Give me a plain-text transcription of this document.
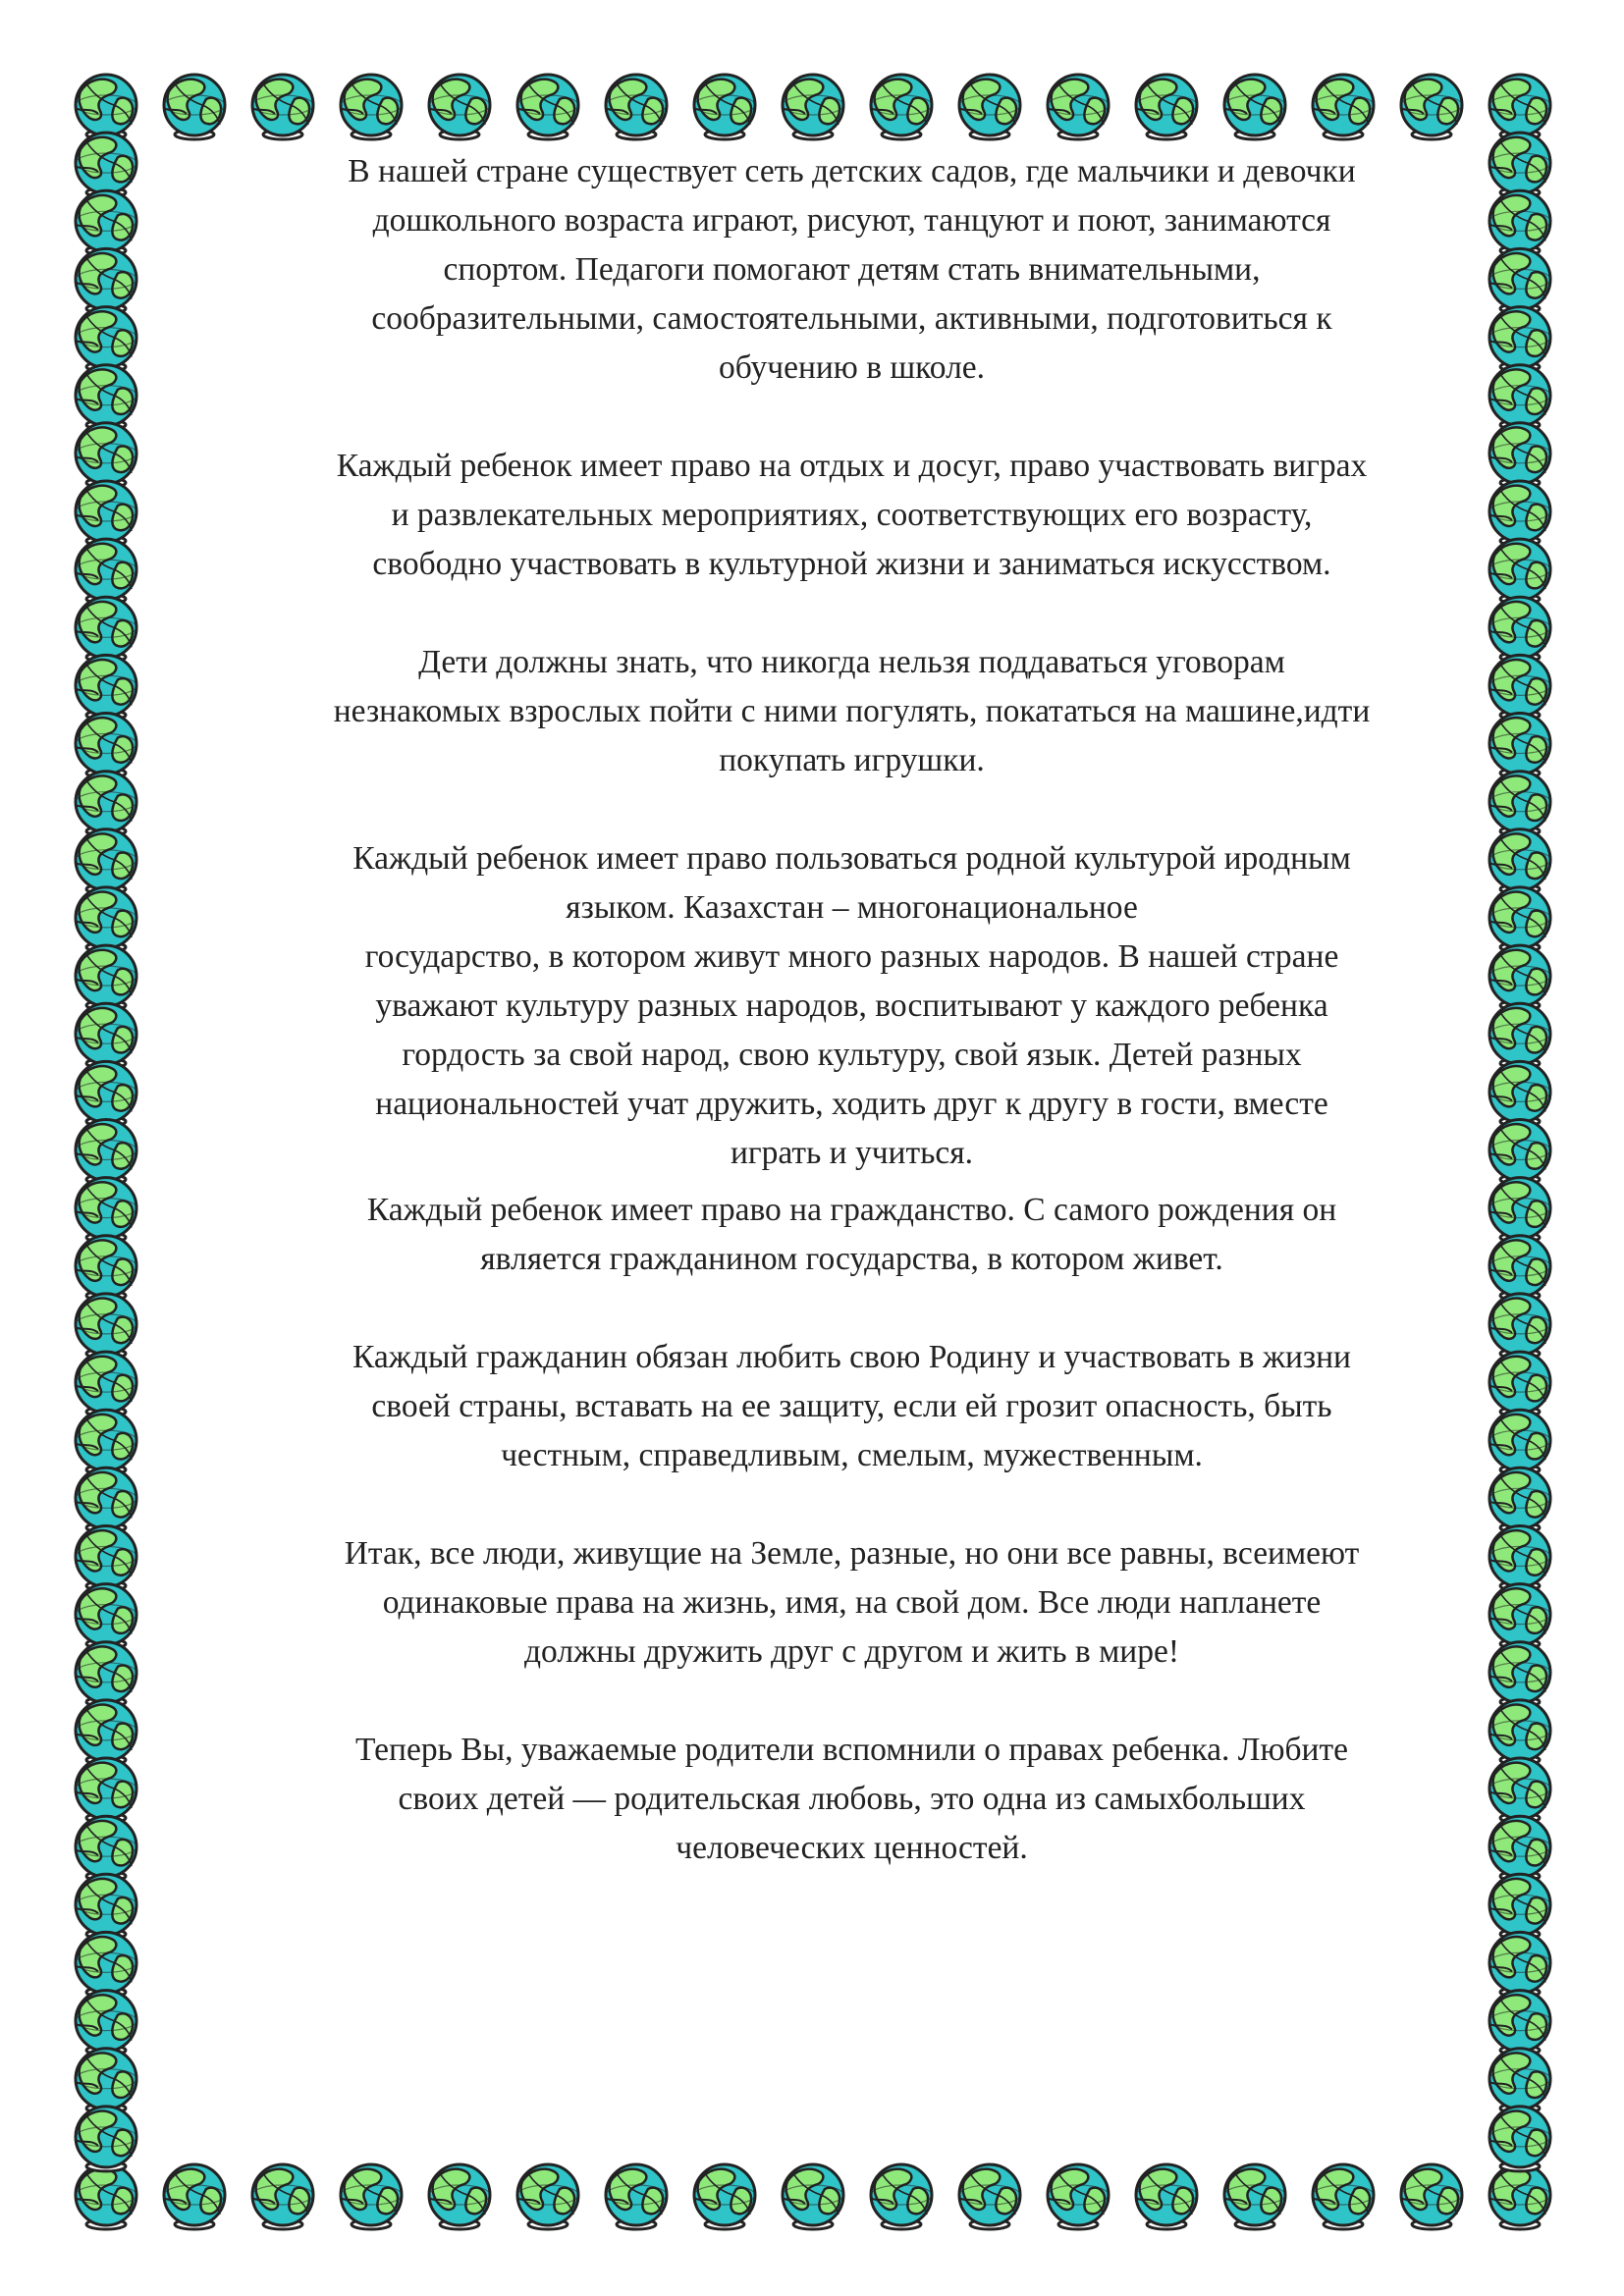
В нашей стране существует сеть детских садов, где мальчики и девочки
дошкольного возраста играют, рисуют, танцуют и поют, занимаются
спортом. Педагоги помогают детям стать внимательными,
сообразительными, самостоятельными, активными, подготовиться к
обучению в школе.
Каждый ребенок имеет право на отдых и досуг, право участвовать виграх
и развлекательных мероприятиях, соответствующих его возрасту,
свободно участвовать в культурной жизни и заниматься искусством.
Дети должны знать, что никогда нельзя поддаваться уговорам
незнакомых взрослых пойти с ними погулять, покататься на машине,идти
покупать игрушки.
Каждый ребенок имеет право пользоваться родной культурой иродным
языком. Казахстан – многонациональное
государство, в котором живут много разных народов. В нашей стране
уважают культуру разных народов, воспитывают у каждого ребенка
гордость за свой народ, свою культуру, свой язык. Детей разных
национальностей учат дружить, ходить друг к другу в гости, вместе
играть и учиться.
Каждый ребенок имеет право на гражданство. С самого рождения он
является гражданином государства, в котором живет.
Каждый гражданин обязан любить свою Родину и участвовать в жизни
своей страны, вставать на ее защиту, если ей грозит опасность, быть
честным, справедливым, смелым, мужественным.
Итак, все люди, живущие на Земле, разные, но они все равны, всеимеют
одинаковые права на жизнь, имя, на свой дом. Все люди напланете
должны дружить друг с другом и жить в мире!
Теперь Вы, уважаемые родители вспомнили о правах ребенка. Любите
своих детей — родительская любовь, это одна из самыхбольших
человеческих ценностей.
